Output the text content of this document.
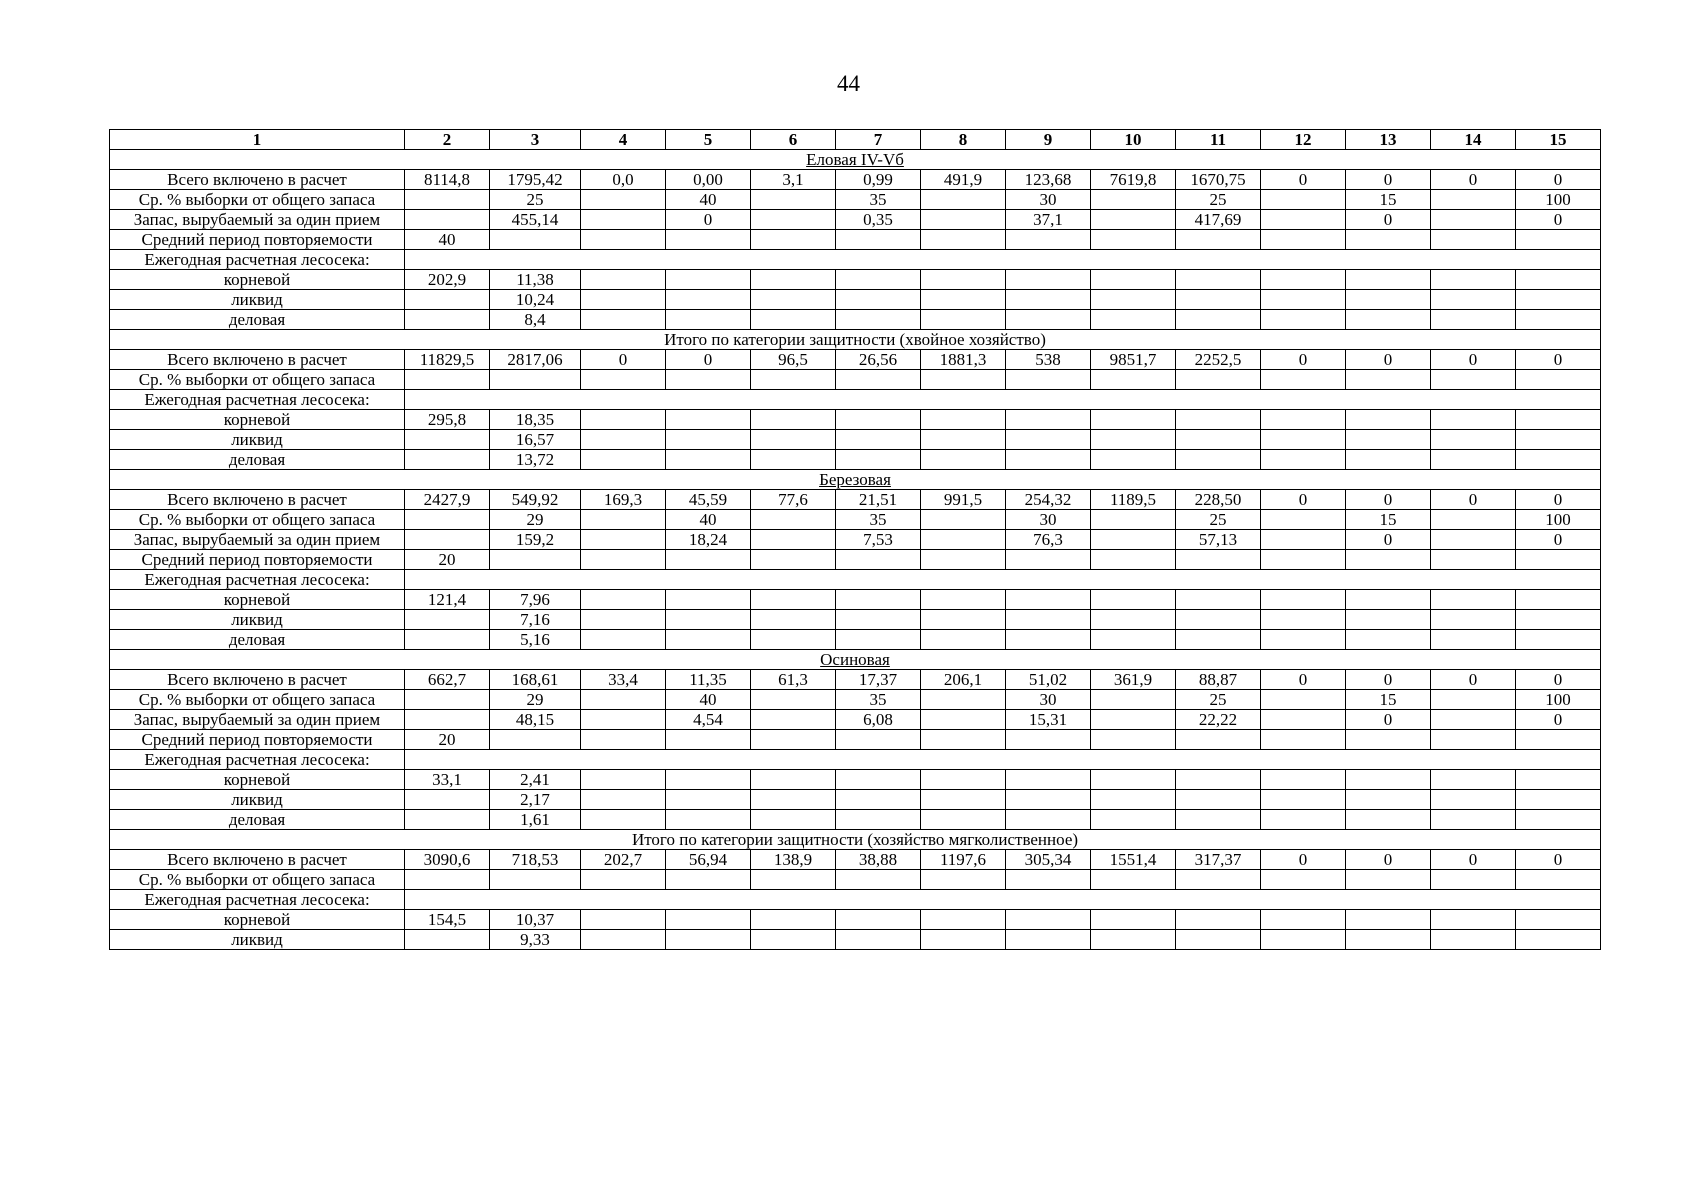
44
1	2	3	4	5	6	7	8	9	10	11	12	13	14	15
Еловая IV-Vб														
Всего включено в расчет	8114,8	1795,42	0,0	0,00	3,1	0,99	491,9	123,68	7619,8	1670,75	0	0	0	0
Ср. % выборки от общего запаса		25		40		35		30		25		15		100
Запас, вырубаемый за один прием		455,14		0		0,35		37,1		417,69		0		0
Средний период повторяемости	40													
Ежегодная расчетная лесосека:														
корневой	202,9	11,38												
ликвид		10,24												
деловая		8,4												
Итого по категории защитности (хвойное хозяйство)														
Всего включено в расчет	11829,5	2817,06	0	0	96,5	26,56	1881,3	538	9851,7	2252,5	0	0	0	0
Ср. % выборки от общего запаса														
Ежегодная расчетная лесосека:														
корневой	295,8	18,35												
ликвид		16,57												
деловая		13,72												
Березовая														
Всего включено в расчет	2427,9	549,92	169,3	45,59	77,6	21,51	991,5	254,32	1189,5	228,50	0	0	0	0
Ср. % выборки от общего запаса		29		40		35		30		25		15		100
Запас, вырубаемый за один прием		159,2		18,24		7,53		76,3		57,13		0		0
Средний период повторяемости	20													
Ежегодная расчетная лесосека:														
корневой	121,4	7,96												
ликвид		7,16												
деловая		5,16												
Осиновая														
Всего включено в расчет	662,7	168,61	33,4	11,35	61,3	17,37	206,1	51,02	361,9	88,87	0	0	0	0
Ср. % выборки от общего запаса		29		40		35		30		25		15		100
Запас, вырубаемый за один прием		48,15		4,54		6,08		15,31		22,22		0		0
Средний период повторяемости	20													
Ежегодная расчетная лесосека:														
корневой	33,1	2,41												
ликвид		2,17												
деловая		1,61												
Итого по категории защитности (хозяйство мягколиственное)														
Всего включено в расчет	3090,6	718,53	202,7	56,94	138,9	38,88	1197,6	305,34	1551,4	317,37	0	0	0	0
Ср. % выборки от общего запаса														
Ежегодная расчетная лесосека:														
корневой	154,5	10,37												
ликвид		9,33												
